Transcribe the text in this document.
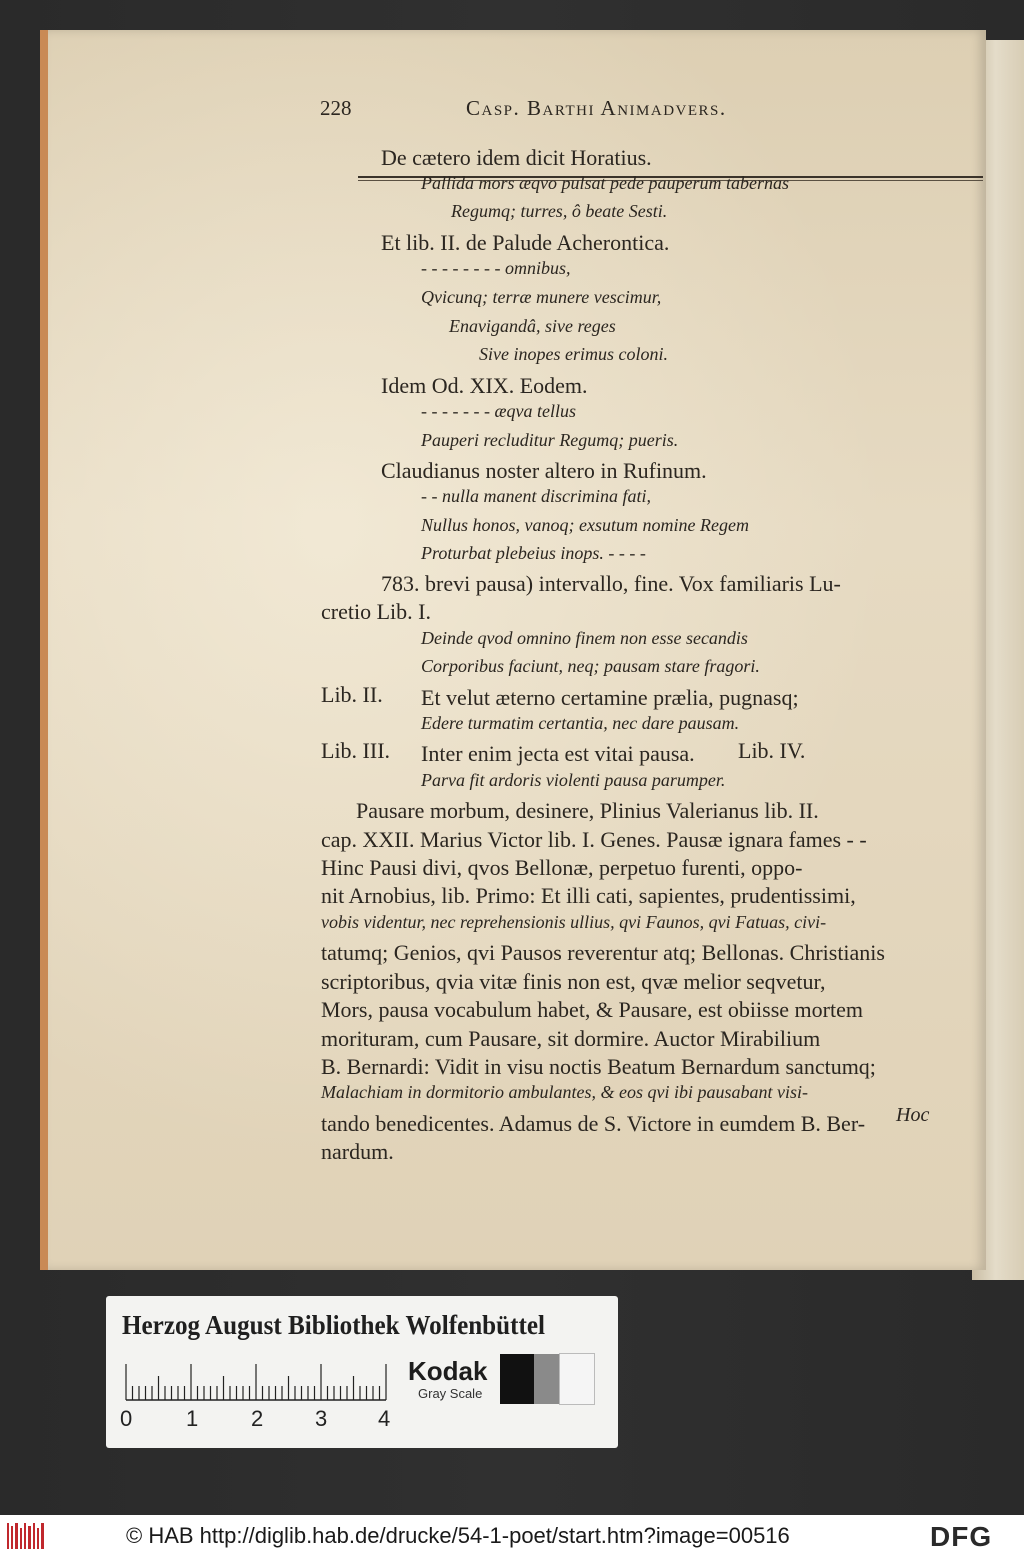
228	Casp. Barthi Animadvers.
De cætero idem dicit Horatius.
Pallida mors æqvo pulsat pede pauperum tabernas
Regumq; turres, ô beate Sesti.
Et lib. II. de Palude Acherontica.
- - - - - - - - omnibus,
Qvicunq; terræ munere vescimur,
Enavigandâ, sive reges
Sive inopes erimus coloni.
Idem Od. XIX. Eodem.
- - - - - - - æqva tellus
Pauperi recluditur Regumq; pueris.
Claudianus noster altero in Rufinum.
- - nulla manent discrimina fati,
Nullus honos, vanoq; exsutum nomine Regem
Proturbat plebeius inops. - - - -
783. brevi pausa) intervallo, fine. Vox familiaris Lu-
cretio Lib. I.
Deinde qvod omnino finem non esse secandis
Corporibus faciunt, neq; pausam stare fragori.
Et velut æterno certamine prælia, pugnasq;
Lib. II.
Edere turmatim certantia, nec dare pausam.
Inter enim jecta est vitai pausa.
Lib. III.	Lib. IV.
Parva fit ardoris violenti pausa parumper.
Pausare morbum, desinere, Plinius Valerianus lib. II.
cap. XXII. Marius Victor lib. I. Genes. Pausæ ignara fames - -
Hinc Pausi divi, qvos Bellonæ, perpetuo furenti, oppo-
nit Arnobius, lib. Primo: Et illi cati, sapientes, prudentissimi,
vobis videntur, nec reprehensionis ullius, qvi Faunos, qvi Fatuas, civi-
tatumq; Genios, qvi Pausos reverentur atq; Bellonas. Christianis
scriptoribus, qvia vitæ finis non est, qvæ melior seqvetur,
Mors, pausa vocabulum habet, & Pausare, est obiisse mortem
morituram, cum Pausare, sit dormire. Auctor Mirabilium
B. Bernardi: Vidit in visu noctis Beatum Bernardum sanctumq;
Malachiam in dormitorio ambulantes, & eos qvi ibi pausabant visi-
tando benedicentes. Adamus de S. Victore in eumdem B. Ber-
nardum.
Hoc
Herzog August Bibliothek Wolfenbüttel
0 1 2 3 4
Kodak
Gray Scale
© HAB http://diglib.hab.de/drucke/54-1-poet/start.htm?image=00516	DFG
